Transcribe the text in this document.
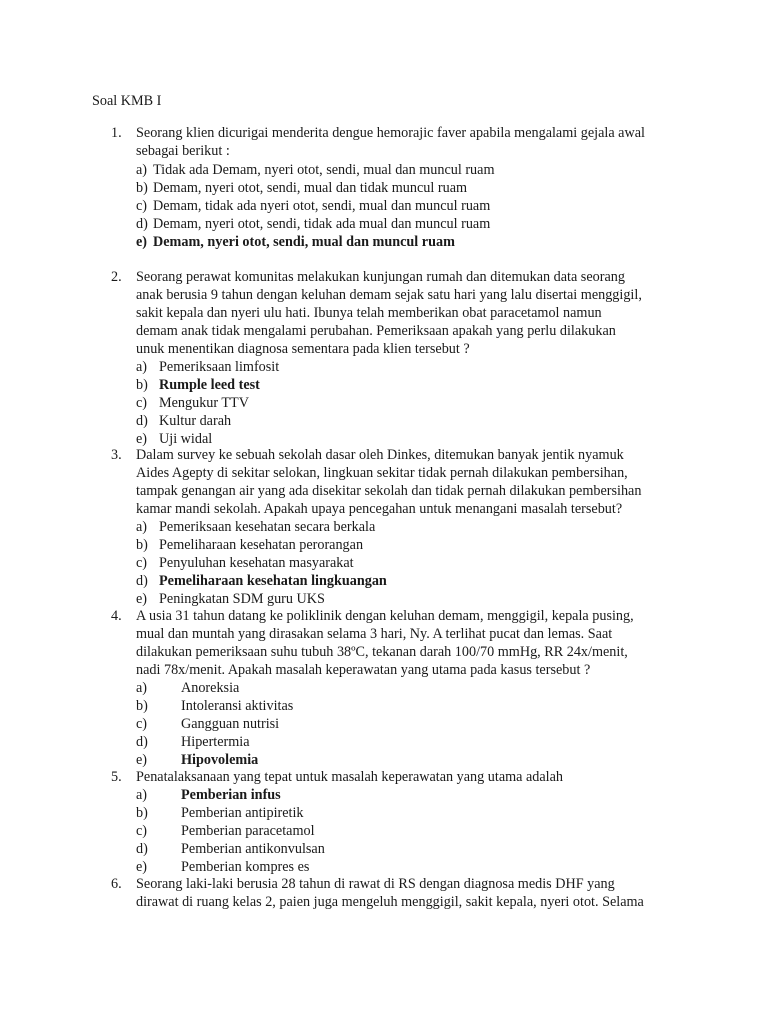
Soal KMB I
1. Seorang klien dicurigai menderita dengue hemorajic faver apabila mengalami gejala awal
sebagai berikut :
a) Tidak ada Demam, nyeri otot, sendi, mual dan muncul ruam
b) Demam, nyeri otot, sendi, mual dan tidak muncul ruam
c) Demam, tidak ada nyeri otot, sendi, mual dan muncul ruam
d) Demam, nyeri otot, sendi, tidak ada mual dan muncul ruam
e) Demam, nyeri otot, sendi, mual dan muncul ruam
2. Seorang perawat komunitas melakukan kunjungan rumah dan ditemukan data seorang
anak berusia 9 tahun dengan keluhan demam sejak satu hari yang lalu disertai menggigil,
sakit kepala dan nyeri ulu hati. Ibunya telah memberikan obat paracetamol namun
demam anak tidak mengalami perubahan. Pemeriksaan apakah yang perlu dilakukan
unuk menentikan diagnosa sementara pada klien tersebut ?
a) Pemeriksaan limfosit
b) Rumple leed test
c) Mengukur TTV
d) Kultur darah
e) Uji widal
3. Dalam survey ke sebuah sekolah dasar oleh Dinkes, ditemukan banyak jentik nyamuk
Aides Agepty di sekitar selokan, lingkuan sekitar tidak pernah dilakukan pembersihan,
tampak genangan air yang ada disekitar sekolah dan tidak pernah dilakukan pembersihan
kamar mandi sekolah. Apakah upaya pencegahan untuk menangani masalah tersebut?
a) Pemeriksaan kesehatan secara berkala
b) Pemeliharaan kesehatan perorangan
c) Penyuluhan kesehatan masyarakat
d) Pemeliharaan kesehatan lingkuangan
e) Peningkatan SDM guru UKS
4. A usia 31 tahun datang ke poliklinik dengan keluhan demam, menggigil, kepala pusing,
mual dan muntah yang dirasakan selama 3 hari, Ny. A terlihat pucat dan lemas. Saat
dilakukan pemeriksaan suhu tubuh 38ºC, tekanan darah 100/70 mmHg, RR 24x/menit,
nadi 78x/menit. Apakah masalah keperawatan yang utama pada kasus tersebut ?
a) Anoreksia
b) Intoleransi aktivitas
c) Gangguan nutrisi
d) Hipertermia
e) Hipovolemia
5. Penatalaksanaan yang tepat untuk masalah keperawatan yang utama adalah
a) Pemberian infus
b) Pemberian antipiretik
c) Pemberian paracetamol
d) Pemberian antikonvulsan
e) Pemberian kompres es
6. Seorang laki-laki berusia 28 tahun di rawat di RS dengan diagnosa medis DHF yang
dirawat di ruang kelas 2, paien juga mengeluh menggigil, sakit kepala, nyeri otot. Selama
